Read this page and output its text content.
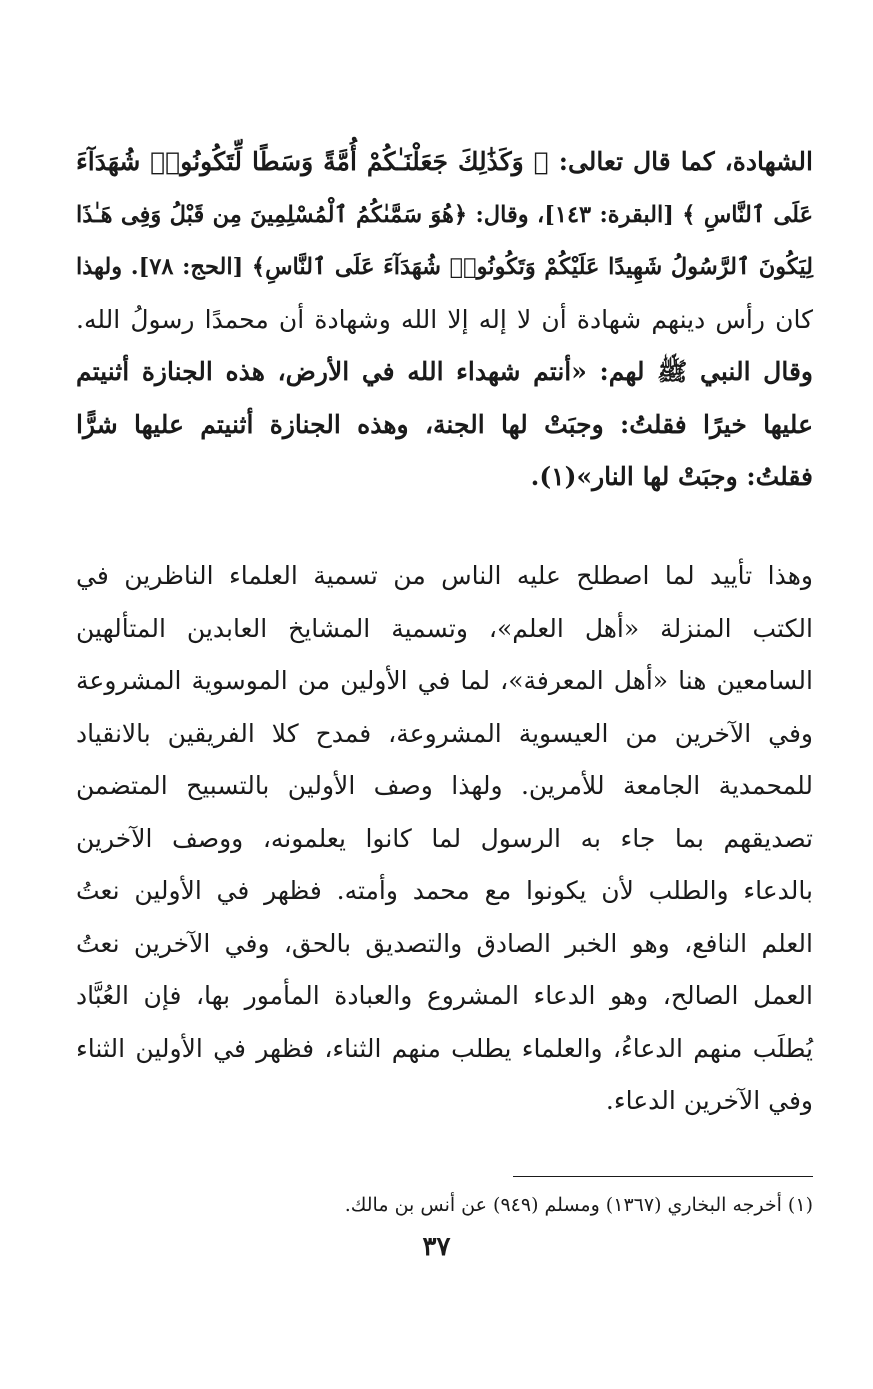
الشهادة، كما قال تعالى: ﴿ وَكَذَٰلِكَ جَعَلْنَـٰكُمْ أُمَّةً وَسَطًا لِّتَكُونُوا۟ شُهَدَآءَ
عَلَى ٱلنَّاسِ ﴾ [البقرة: ١٤٣]، وقال: ﴿هُوَ سَمَّىٰكُمُ ٱلْمُسْلِمِينَ مِن قَبْلُ وَفِى هَـٰذَا
لِيَكُونَ ٱلرَّسُولُ شَهِيدًا عَلَيْكُمْ وَتَكُونُوا۟ شُهَدَآءَ عَلَى ٱلنَّاسِ﴾ [الحج: ٧٨]. ولهذا
كان رأس دينهم شهادة أن لا إله إلا الله وشهادة أن محمدًا رسولُ الله.
وقال النبي ﷺ لهم: «أنتم شهداء الله في الأرض، هذه الجنازة أثنيتم
عليها خيرًا فقلتُ: وجبَتْ لها الجنة، وهذه الجنازة أثنيتم عليها شرًّا
فقلتُ: وجبَتْ لها النار»(١).
وهذا تأييد لما اصطلح عليه الناس من تسمية العلماء الناظرين في
الكتب المنزلة «أهل العلم»، وتسمية المشايخ العابدين المتألهين
السامعين هنا «أهل المعرفة»، لما في الأولين من الموسوية المشروعة
وفي الآخرين من العيسوية المشروعة، فمدح كلا الفريقين بالانقياد
للمحمدية الجامعة للأمرين. ولهذا وصف الأولين بالتسبيح المتضمن
تصديقهم بما جاء به الرسول لما كانوا يعلمونه، ووصف الآخرين
بالدعاء والطلب لأن يكونوا مع محمد وأمته. فظهر في الأولين نعتُ
العلم النافع، وهو الخبر الصادق والتصديق بالحق، وفي الآخرين نعتُ
العمل الصالح، وهو الدعاء المشروع والعبادة المأمور بها، فإن العُبَّاد
يُطلَب منهم الدعاءُ، والعلماء يطلب منهم الثناء، فظهر في الأولين الثناء
وفي الآخرين الدعاء.
(١) أخرجه البخاري (١٣٦٧) ومسلم (٩٤٩) عن أنس بن مالك.
٣٧
